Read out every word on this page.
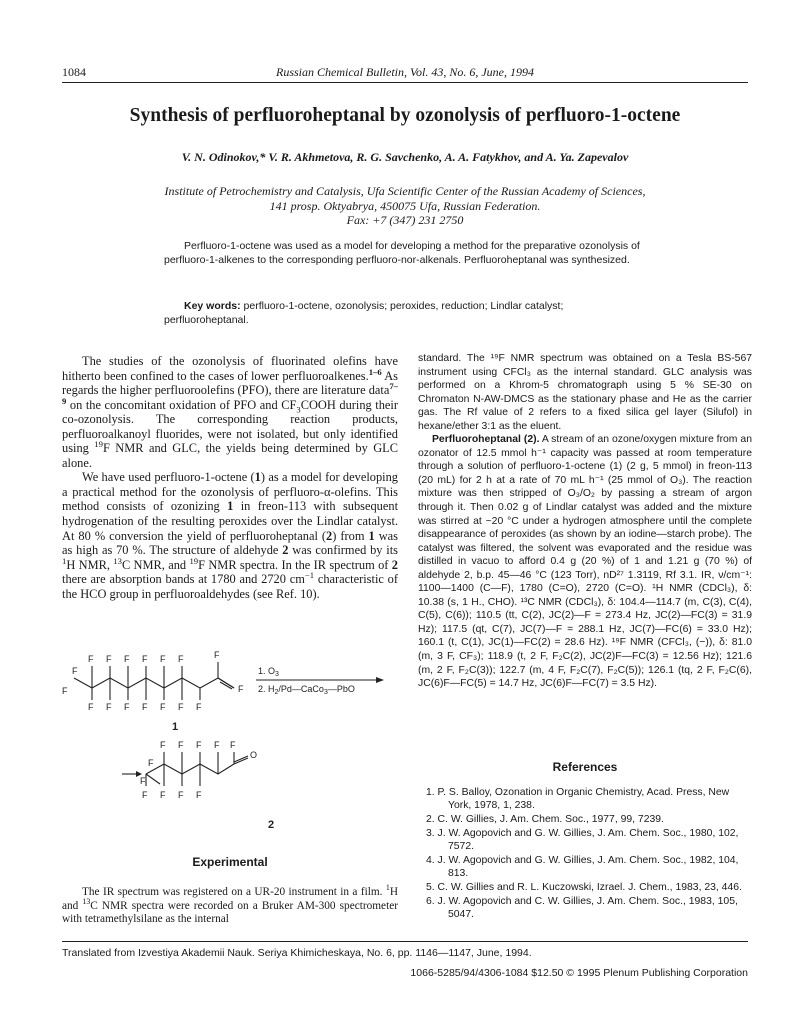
1084	Russian Chemical Bulletin, Vol. 43, No. 6, June, 1994
Synthesis of perfluoroheptanal by ozonolysis of perfluoro-1-octene
V. N. Odinokov,* V. R. Akhmetova, R. G. Savchenko, A. A. Fatykhov, and A. Ya. Zapevalov
Institute of Petrochemistry and Catalysis, Ufa Scientific Center of the Russian Academy of Sciences,
141 prosp. Oktyabrya, 450075 Ufa, Russian Federation.
Fax: +7 (347) 231 2750

Perfluoro-1-octene was used as a model for developing a method for the preparative ozonolysis of perfluoro-1-alkenes to the corresponding perfluoro-nor-alkenals. Perfluoroheptanal was synthesized.

Key words: perfluoro-1-octene, ozonolysis; peroxides, reduction; Lindlar catalyst; perfluoroheptanal.

The studies of the ozonolysis of fluorinated olefins have hitherto been confined to the cases of lower perfluoroalkenes.$^{1-6}$ As regards the higher perfluoroolefins (PFO), there are literature data$^{7-9}$ on the concomitant oxidation of PFO and $CF_3COOH$ during their co-ozonolysis. The corresponding reaction products, perfluoroalkanoyl fluorides, were not isolated, but only identified using $^{19}$F NMR and GLC, the yields being determined by GLC alone.

We have used perfluoro-1-octene (1) as a model for developing a practical method for the ozonolysis of perfluoro-α-olefins. This method consists of ozonizing 1 in freon-113 with subsequent hydrogenation of the resulting peroxides over the Lindlar catalyst. At 80 % conversion the yield of perfluoroheptanal (2) from 1 was as high as 70 %. The structure of aldehyde 2 was confirmed by its $^1$H NMR, $^{13}$C NMR, and $^{19}$F NMR spectra. In the IR spectrum of 2 there are absorption bands at 1780 and 2720 $cm^{-1}$ characteristic of the HCO group in perfluoroaldehydes (see Ref. 10).

F F F F F F	F
F
F
F F F F F F F
F
1
1. $O_3$
2. $H_2/Pd—CaCo_3—PbO$
F F F F F
F
F
F F F F
O
2
Experimental

The IR spectrum was registered on a UR-20 instrument in a film. $^1$H and $^{13}$C NMR spectra were recorded on a Bruker AM-300 spectrometer with tetramethylsilane as the internal

standard. The ¹⁹F NMR spectrum was obtained on a Tesla BS-567 instrument using CFCl₃ as the internal standard. GLC analysis was performed on a Khrom-5 chromatograph using 5 % SE-30 on Chromaton N-AW-DMCS as the stationary phase and He as the carrier gas. The Rf value of 2 refers to a fixed silica gel layer (Silufol) in hexane/ether 3:1 as the eluent.

Perfluoroheptanal (2). A stream of an ozone/oxygen mixture from an ozonator of 12.5 mmol h⁻¹ capacity was passed at room temperature through a solution of perfluoro-1-octene (1) (2 g, 5 mmol) in freon-113 (20 mL) for 2 h at a rate of 70 mL h⁻¹ (25 mmol of O₃). The reaction mixture was then stripped of O₃/O₂ by passing a stream of argon through it. Then 0.02 g of Lindlar catalyst was added and the mixture was stirred at ~20 °C under a hydrogen atmosphere until the complete disappearance of peroxides (as shown by an iodine—starch probe). The catalyst was filtered, the solvent was evaporated and the residue was distilled in vacuo to afford 0.4 g (20 %) of 1 and 1.21 g (70 %) of aldehyde 2, b.p. 45—46 °C (123 Torr), nD²⁷ 1.3119, Rf 3.1. IR, ν/cm⁻¹: 1100—1400 (C—F), 1780 (C=O), 2720 (C=O). ¹H NMR (CDCl₃), δ: 10.38 (s, 1 H., CHO). ¹³C NMR (CDCl₃), δ: 104.4—114.7 (m, C(3), C(4), C(5), C(6)); 110.5 (tt, C(2), JC(2)—F = 273.4 Hz, JC(2)—FC(3) = 31.9 Hz); 117.5 (qt, C(7), JC(7)—F = 288.1 Hz, JC(7)—FC(6) = 33.0 Hz); 160.1 (t, C(1), JC(1)—FC(2) = 28.6 Hz). ¹⁹F NMR (CFCl₃, (−)), δ: 81.0 (m, 3 F, CF₃); 118.9 (t, 2 F, F₂C(2), JC(2)F—FC(3) = 12.56 Hz); 121.6 (m, 2 F, F₂C(3)); 122.7 (m, 4 F, F₂C(7), F₂C(5)); 126.1 (tq, 2 F, F₂C(6), JC(6)F—FC(5) = 14.7 Hz, JC(6)F—FC(7) = 3.5 Hz).

References
1. P. S. Balloy, Ozonation in Organic Chemistry, Acad. Press, New York, 1978, 1, 238.
2. C. W. Gillies, J. Am. Chem. Soc., 1977, 99, 7239.
3. J. W. Agopovich and G. W. Gillies, J. Am. Chem. Soc., 1980, 102, 7572.
4. J. W. Agopovich and G. W. Gillies, J. Am. Chem. Soc., 1982, 104, 813.
5. C. W. Gillies and R. L. Kuczowski, Izrael. J. Chem., 1983, 23, 446.
6. J. W. Agopovich and C. W. Gillies, J. Am. Chem. Soc., 1983, 105, 5047.
Translated from Izvestiya Akademii Nauk. Seriya Khimicheskaya, No. 6, pp. 1146—1147, June, 1994.
1066-5285/94/4306-1084 $12.50 © 1995 Plenum Publishing Corporation
